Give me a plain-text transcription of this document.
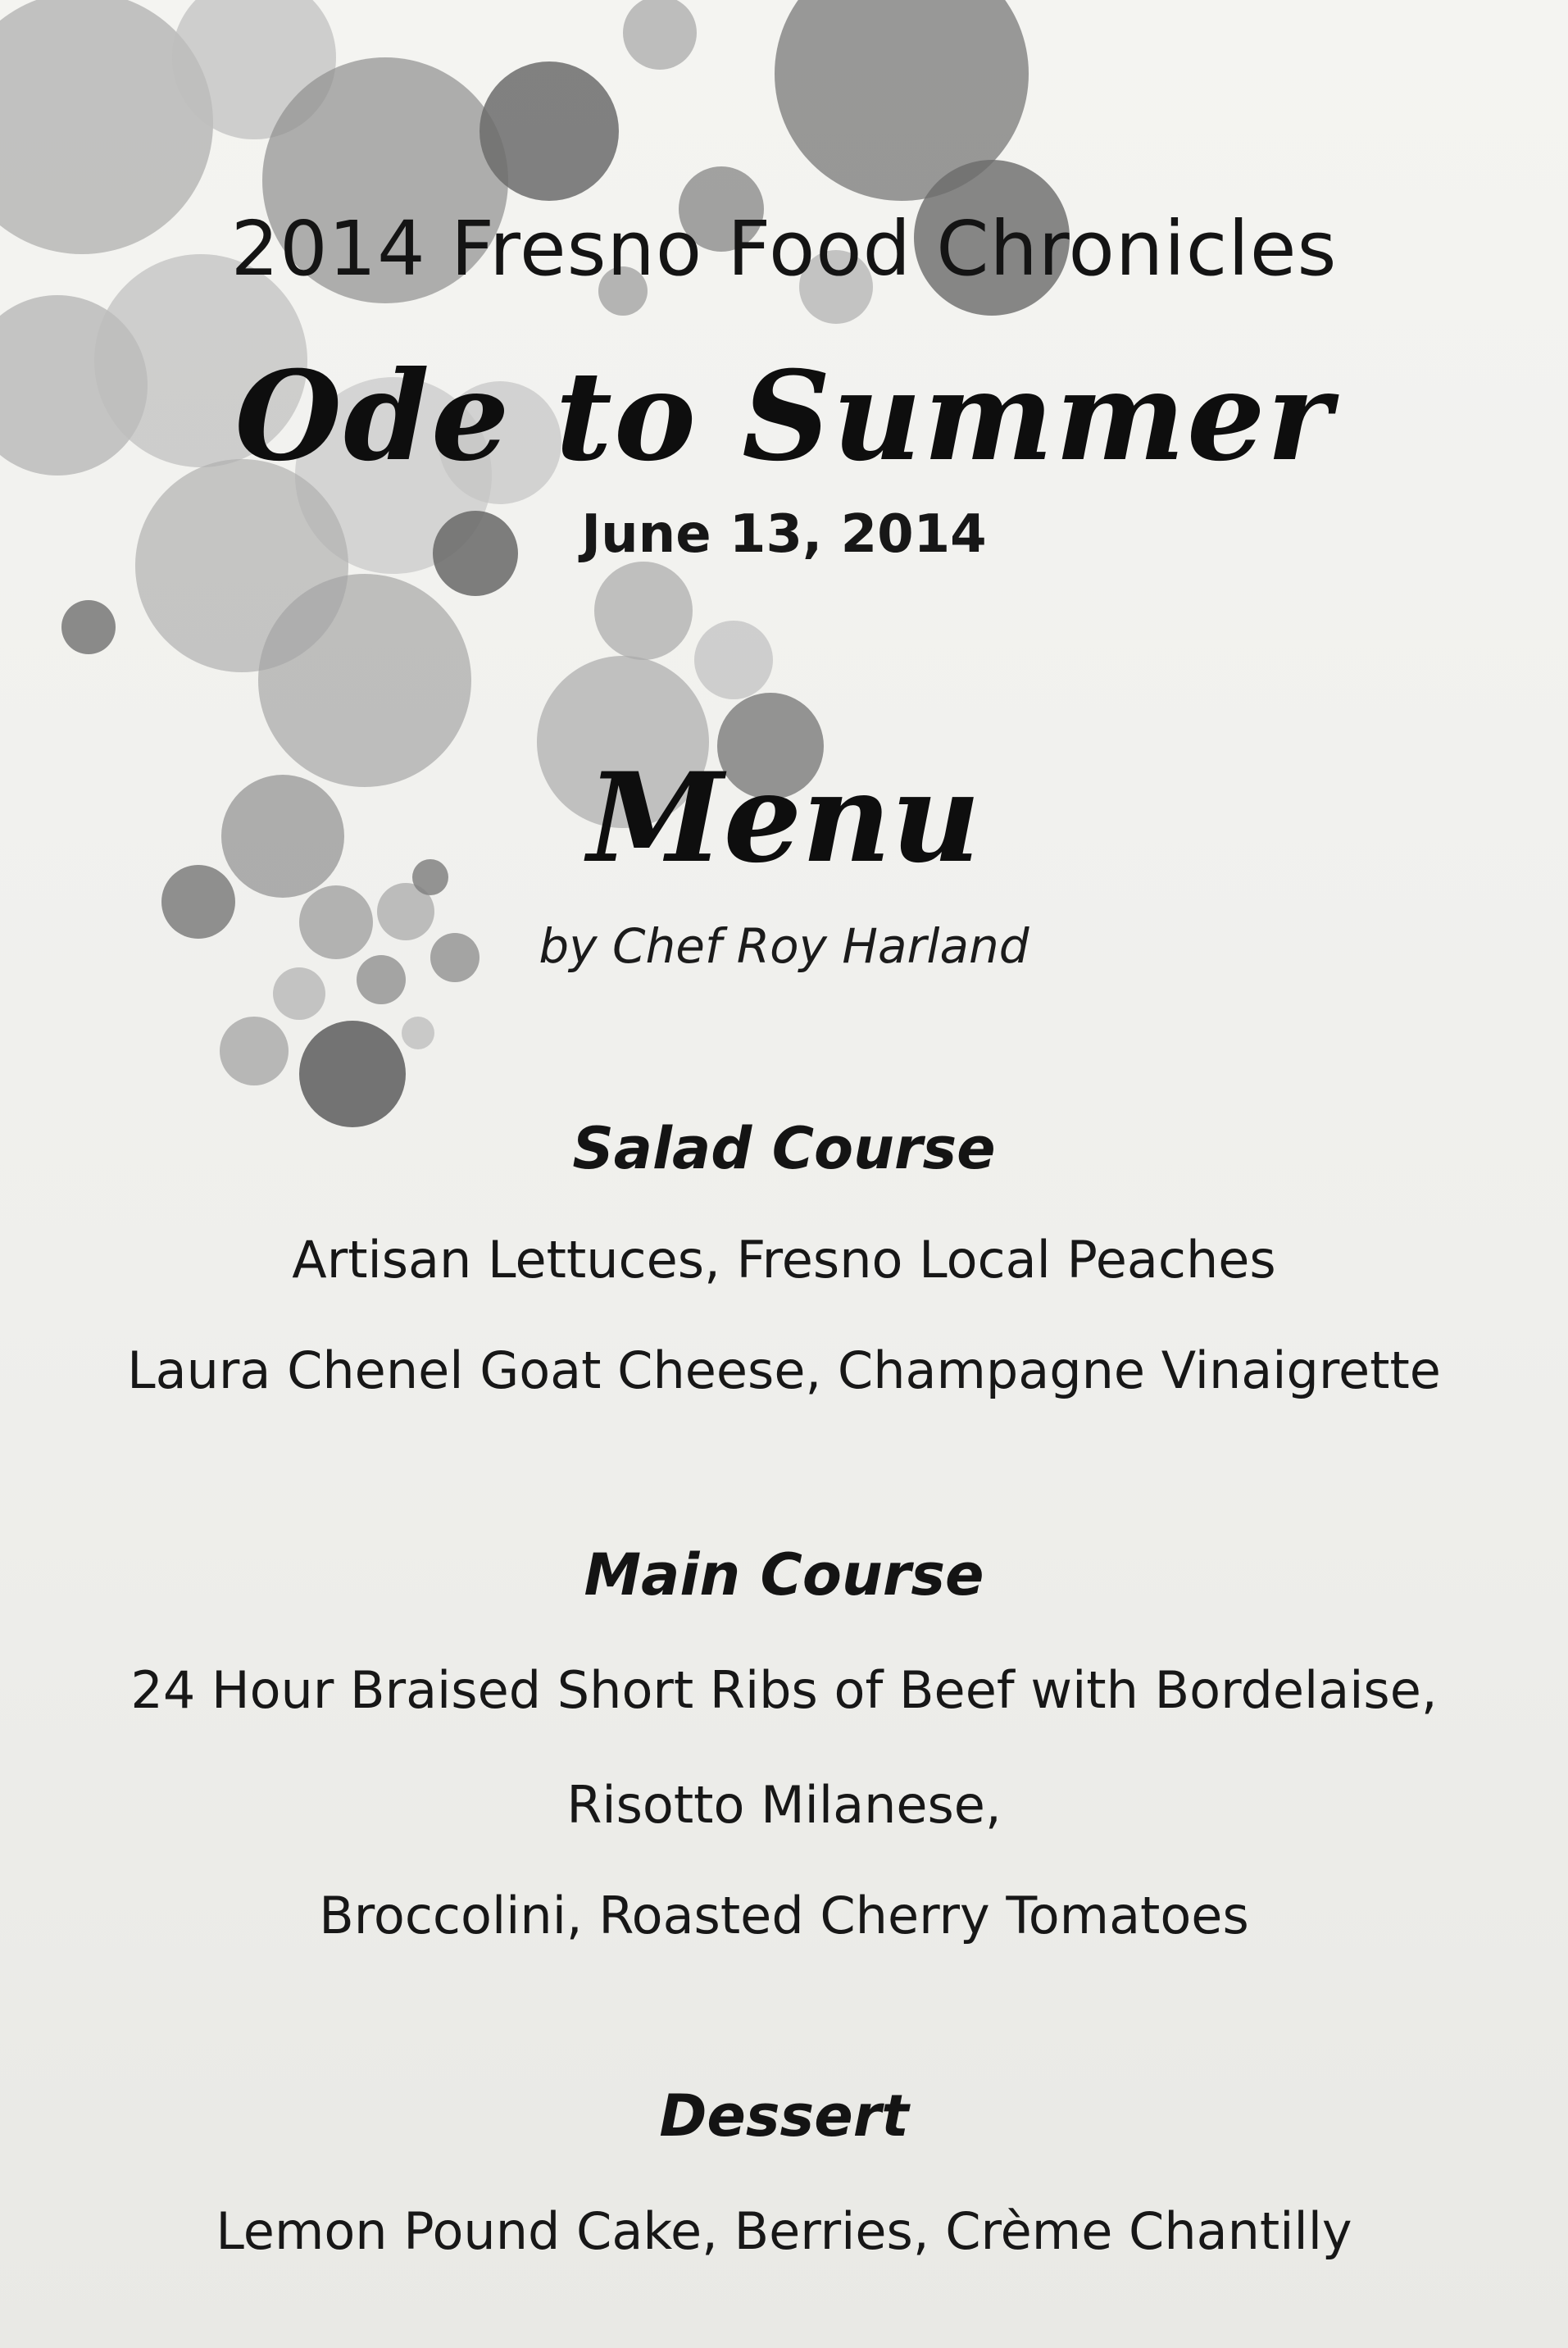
2014 Fresno Food Chronicles
Ode to Summer
June 13, 2014
Menu
by Chef Roy Harland
Salad Course
Artisan Lettuces, Fresno Local Peaches
Laura Chenel Goat Cheese, Champagne Vinaigrette
Main Course
24 Hour Braised Short Ribs of Beef with Bordelaise,
Risotto Milanese,
Broccolini, Roasted Cherry Tomatoes
Dessert
Lemon Pound Cake, Berries, Crème Chantilly
